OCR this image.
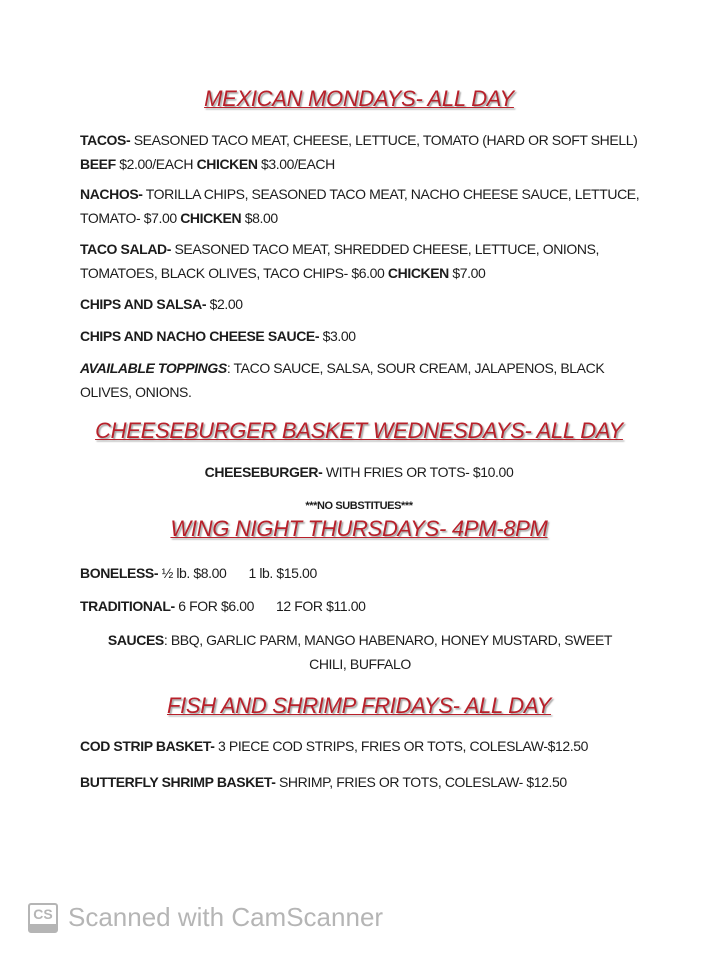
MEXICAN MONDAYS- ALL DAY
TACOS- SEASONED TACO MEAT, CHEESE, LETTUCE, TOMATO (HARD OR SOFT SHELL) BEEF $2.00/EACH CHICKEN $3.00/EACH
NACHOS- TORILLA CHIPS, SEASONED TACO MEAT, NACHO CHEESE SAUCE, LETTUCE, TOMATO- $7.00 CHICKEN $8.00
TACO SALAD- SEASONED TACO MEAT, SHREDDED CHEESE, LETTUCE, ONIONS, TOMATOES, BLACK OLIVES, TACO CHIPS- $6.00 CHICKEN $7.00
CHIPS AND SALSA- $2.00
CHIPS AND NACHO CHEESE SAUCE- $3.00
AVAILABLE TOPPINGS: TACO SAUCE, SALSA, SOUR CREAM, JALAPENOS, BLACK OLIVES, ONIONS.
CHEESEBURGER BASKET WEDNESDAYS- ALL DAY
CHEESEBURGER- WITH FRIES OR TOTS- $10.00
***NO SUBSTITUES***
WING NIGHT THURSDAYS- 4PM-8PM
BONELESS- ½ lb. $8.00 1 lb. $15.00
TRADITIONAL- 6 FOR $6.00 12 FOR $11.00
SAUCES: BBQ, GARLIC PARM, MANGO HABENARO, HONEY MUSTARD, SWEET CHILI, BUFFALO
FISH AND SHRIMP FRIDAYS- ALL DAY
COD STRIP BASKET- 3 PIECE COD STRIPS, FRIES OR TOTS, COLESLAW-$12.50
BUTTERFLY SHRIMP BASKET- SHRIMP, FRIES OR TOTS, COLESLAW- $12.50
CS Scanned with CamScanner
